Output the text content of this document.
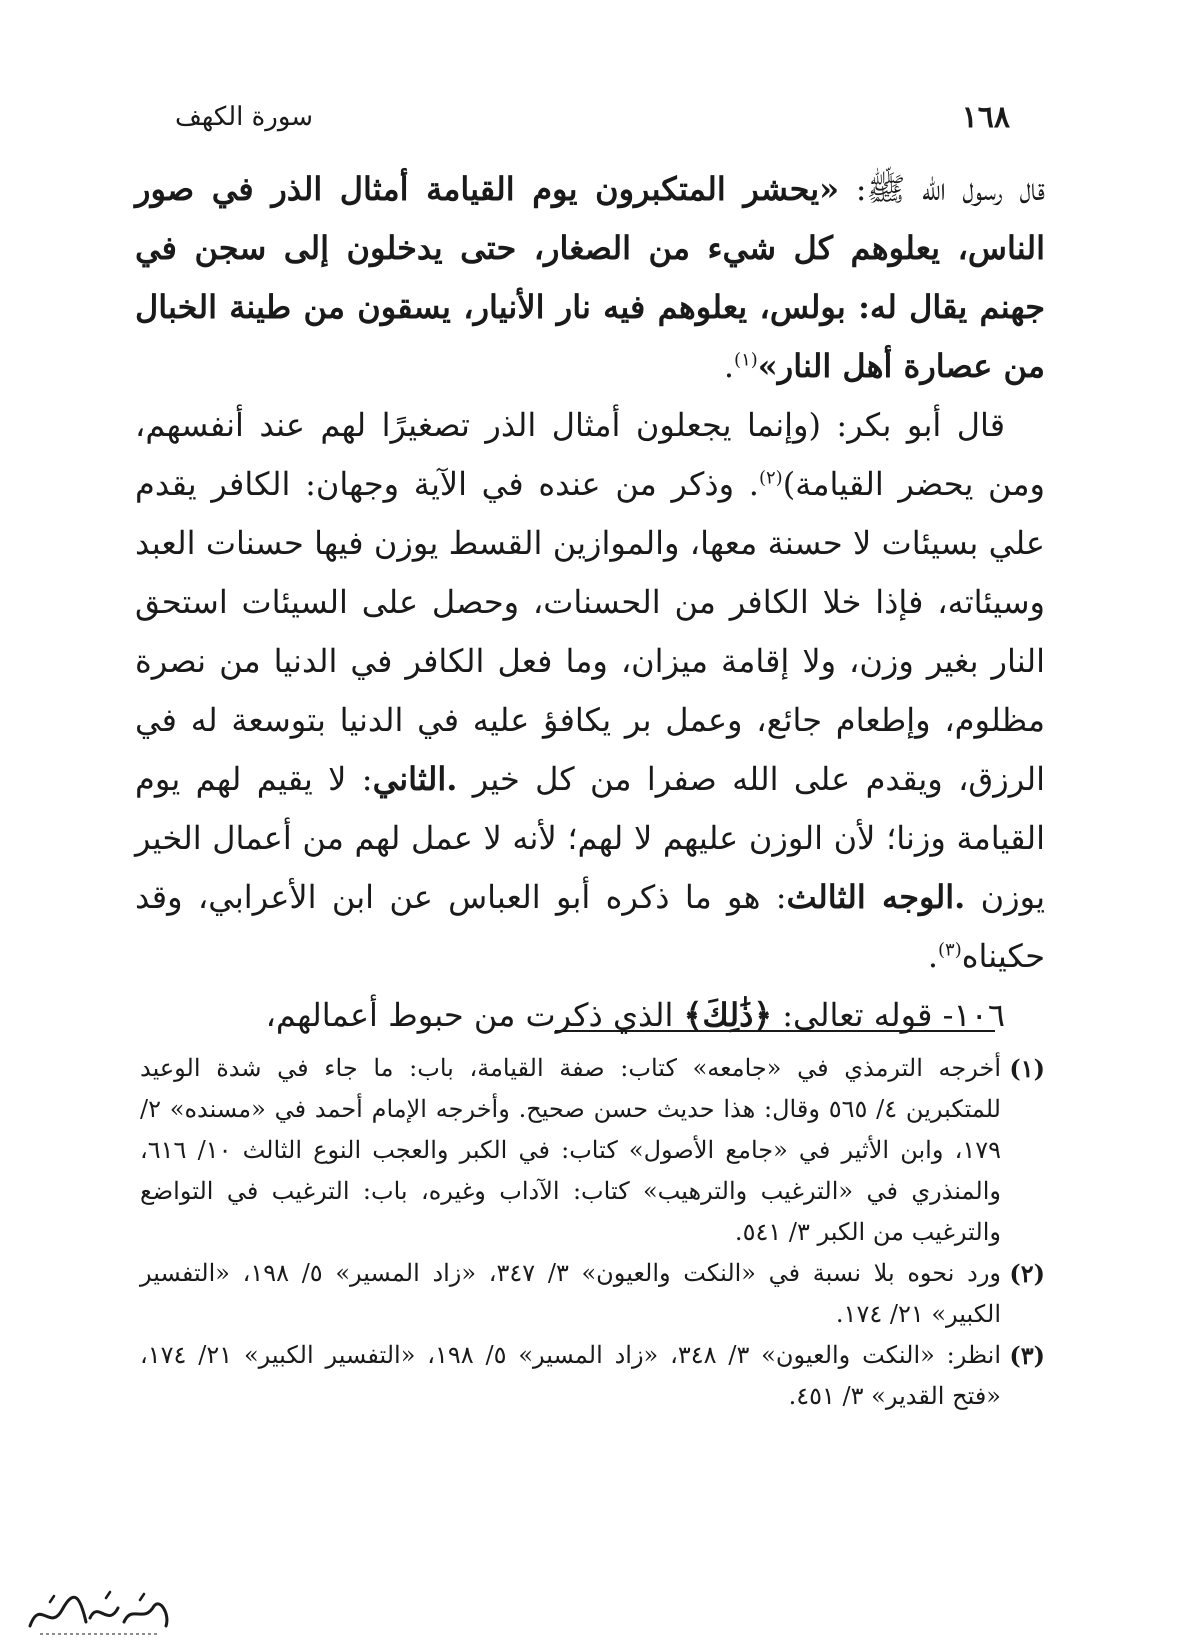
١٦٨
سورة الكهف

قال رسول الله ﷺ: «يحشر المتكبرون يوم القيامة أمثال الذر في صور الناس، يعلوهم كل شيء من الصغار، حتى يدخلون إلى سجن في جهنم يقال له: بولس، يعلوهم فيه نار الأنيار، يسقون من طينة الخبال من عصارة أهل النار»$^{(١)}$.

قال أبو بكر: (وإنما يجعلون أمثال الذر تصغيرًا لهم عند أنفسهم، ومن يحضر القيامة)$^{(٢)}$. وذكر من عنده في الآية وجهان: الكافر يقدم علي بسيئات لا حسنة معها، والموازين القسط يوزن فيها حسنات العبد وسيئاته، فإذا خلا الكافر من الحسنات، وحصل على السيئات استحق النار بغير وزن، ولا إقامة ميزان، وما فعل الكافر في الدنيا من نصرة مظلوم، وإطعام جائع، وعمل بر يكافؤ عليه في الدنيا بتوسعة له في الرزق، ويقدم على الله صفرا من كل خير .الثاني: لا يقيم لهم يوم القيامة وزنا؛ لأن الوزن عليهم لا لهم؛ لأنه لا عمل لهم من أعمال الخير يوزن .الوجه الثالث: هو ما ذكره أبو العباس عن ابن الأعرابي، وقد حكيناه$^{(٣)}$.

١٠٦- قوله تعالى: ﴿ذَٰلِكَ﴾ الذي ذكرت من حبوط أعمالهم،

(١)
أخرجه الترمذي في «جامعه» كتاب: صفة القيامة، باب: ما جاء في شدة الوعيد للمتكبرين ٤/ ٥٦٥ وقال: هذا حديث حسن صحيح. وأخرجه الإمام أحمد في «مسنده» ٢/ ١٧٩، وابن الأثير في «جامع الأصول» كتاب: في الكبر والعجب النوع الثالث ١٠/ ٦١٦، والمنذري في «الترغيب والترهيب» كتاب: الآداب وغيره، باب: الترغيب في التواضع والترغيب من الكبر ٣/ ٥٤١.
(٢)
ورد نحوه بلا نسبة في «النكت والعيون» ٣/ ٣٤٧، «زاد المسير» ٥/ ١٩٨، «التفسير الكبير» ٢١/ ١٧٤.
(٣)
انظر: «النكت والعيون» ٣/ ٣٤٨، «زاد المسير» ٥/ ١٩٨، «التفسير الكبير» ٢١/ ١٧٤، «فتح القدير» ٣/ ٤٥١.
